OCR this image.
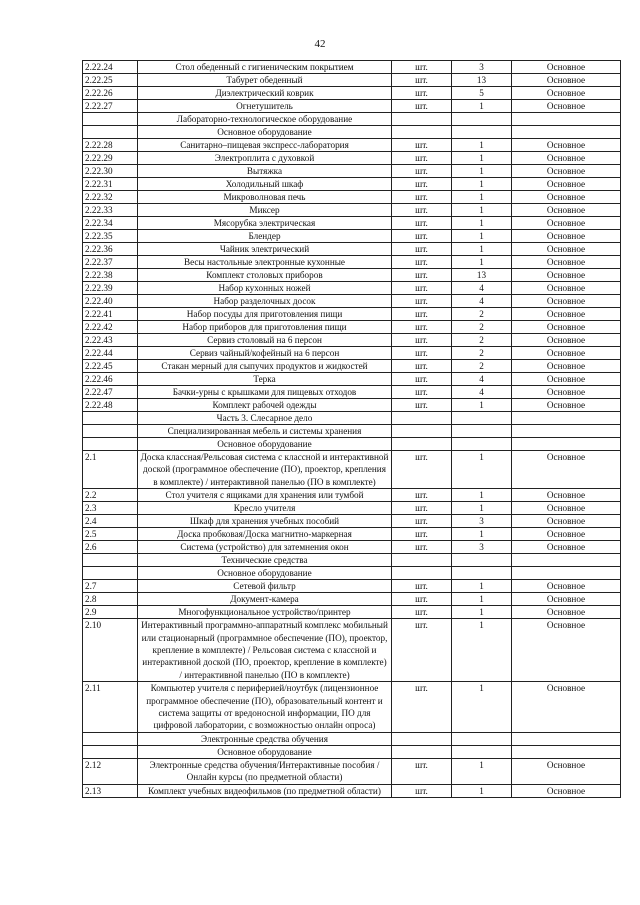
42
2.22.24	Стол обеденный с гигиеническим покрытием	шт.	3	Основное
2.22.25	Табурет обеденный	шт.	13	Основное
2.22.26	Диэлектрический коврик	шт.	5	Основное
2.22.27	Огнетушитель	шт.	1	Основное
	Лабораторно-технологическое оборудование			
	Основное оборудование			
2.22.28	Санитарно–пищевая экспресс-лаборатория	шт.	1	Основное
2.22.29	Электроплита с духовкой	шт.	1	Основное
2.22.30	Вытяжка	шт.	1	Основное
2.22.31	Холодильный шкаф	шт.	1	Основное
2.22.32	Микроволновая печь	шт.	1	Основное
2.22.33	Миксер	шт.	1	Основное
2.22.34	Мясорубка электрическая	шт.	1	Основное
2.22.35	Блендер	шт.	1	Основное
2.22.36	Чайник электрический	шт.	1	Основное
2.22.37	Весы настольные электронные кухонные	шт.	1	Основное
2.22.38	Комплект столовых приборов	шт.	13	Основное
2.22.39	Набор кухонных ножей	шт.	4	Основное
2.22.40	Набор разделочных досок	шт.	4	Основное
2.22.41	Набор посуды для приготовления пищи	шт.	2	Основное
2.22.42	Набор приборов для приготовления пищи	шт.	2	Основное
2.22.43	Сервиз столовый на 6 персон	шт.	2	Основное
2.22.44	Сервиз чайный/кофейный на 6 персон	шт.	2	Основное
2.22.45	Стакан мерный для сыпучих продуктов и жидкостей	шт.	2	Основное
2.22.46	Терка	шт.	4	Основное
2.22.47	Бачки-урны с крышками для пищевых отходов	шт.	4	Основное
2.22.48	Комплект рабочей одежды	шт.	1	Основное
	Часть 3. Слесарное дело			
	Специализированная мебель и системы хранения			
	Основное оборудование			
2.1	Доска классная/Рельсовая система с классной и интерактивной доской (программное обеспечение (ПО), проектор, крепления в комплекте) / интерактивной панелью (ПО в комплекте)	шт.	1	Основное
2.2	Стол учителя с ящиками для хранения или тумбой	шт.	1	Основное
2.3	Кресло учителя	шт.	1	Основное
2.4	Шкаф для хранения учебных пособий	шт.	3	Основное
2.5	Доска пробковая/Доска магнитно-маркерная	шт.	1	Основное
2.6	Система (устройство) для затемнения окон	шт.	3	Основное
	Технические средства			
	Основное оборудование			
2.7	Сетевой фильтр	шт.	1	Основное
2.8	Документ-камера	шт.	1	Основное
2.9	Многофункциональное устройство/принтер	шт.	1	Основное
2.10	Интерактивный программно-аппаратный комплекс мобильный или стационарный (программное обеспечение (ПО), проектор, крепление в комплекте) / Рельсовая система с классной и интерактивной доской (ПО, проектор, крепление в комплекте) / интерактивной панелью (ПО в комплекте)	шт.	1	Основное
2.11	Компьютер учителя с периферией/ноутбук (лицензионное программное обеспечение (ПО), образовательный контент и система защиты от вредоносной информации, ПО для цифровой лаборатории, с возможностью онлайн опроса)	шт.	1	Основное
	Электронные средства обучения			
	Основное оборудование			
2.12	Электронные средства обучения/Интерактивные пособия / Онлайн курсы (по предметной области)	шт.	1	Основное
2.13	Комплект учебных видеофильмов (по предметной области)	шт.	1	Основное
